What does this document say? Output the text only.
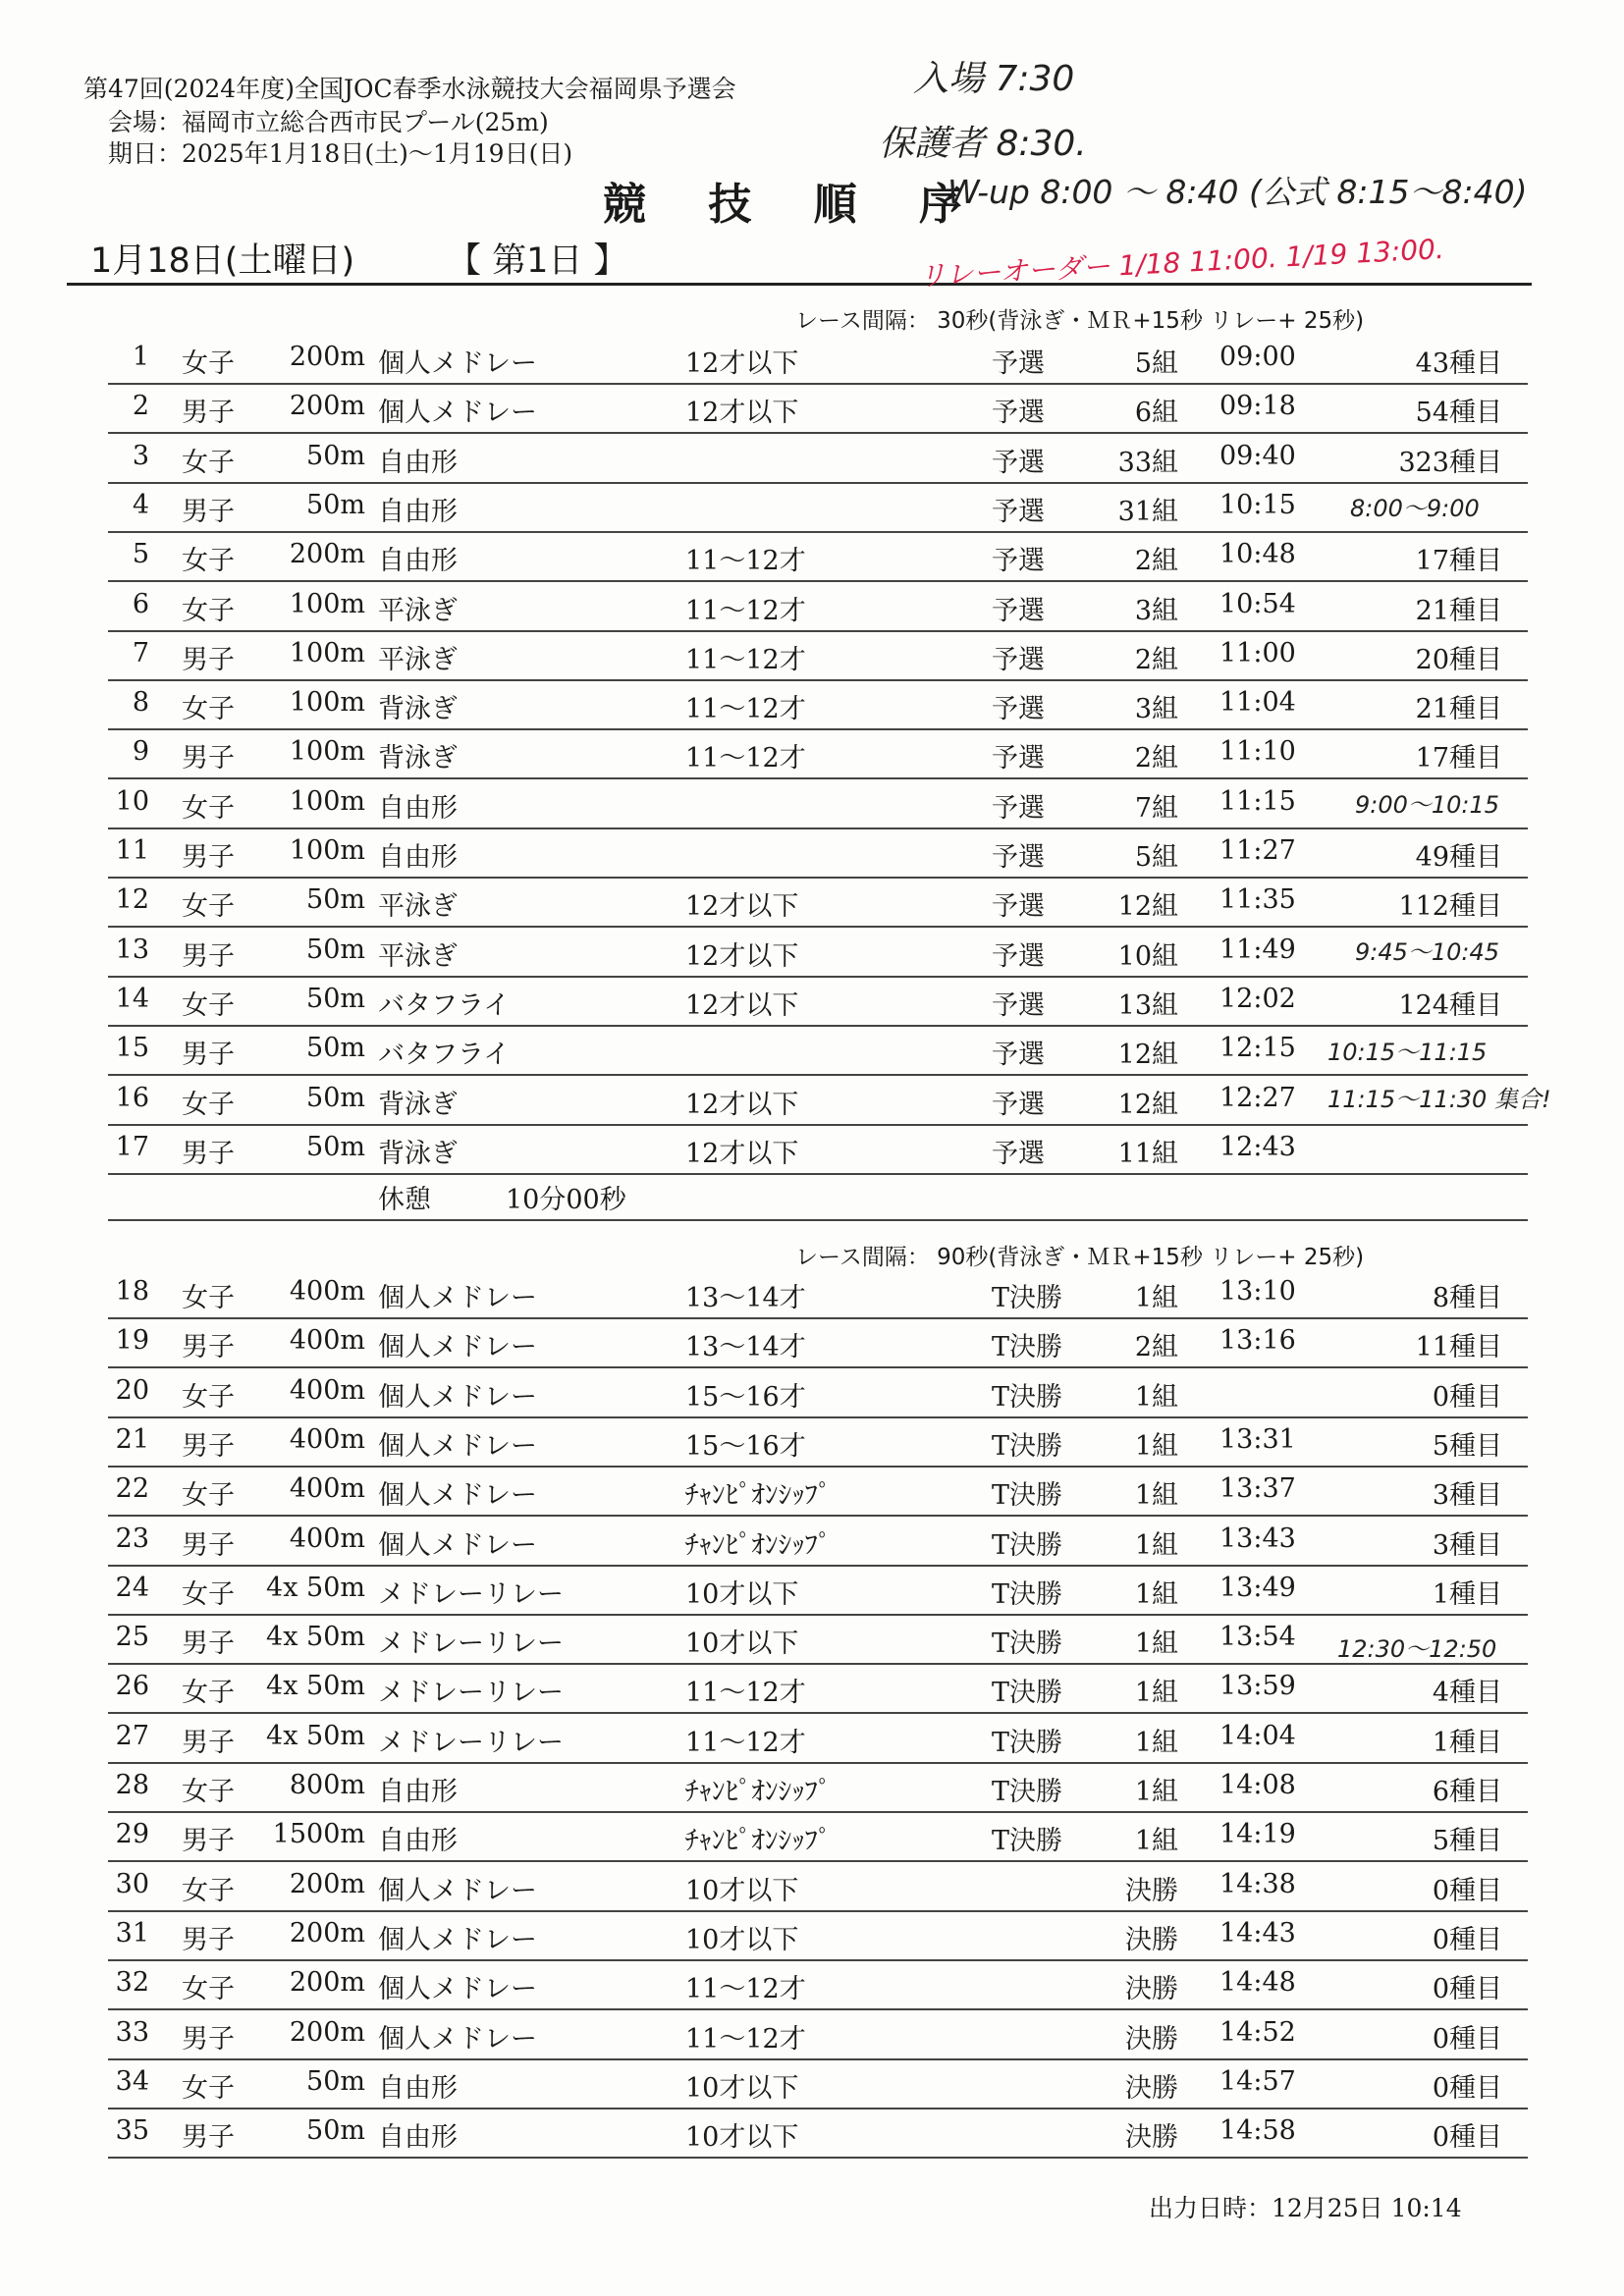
第47回(2024年度)全国JOC春季水泳競技大会福岡県予選会
会場：福岡市立総合西市民プール(25m)
期日：2025年1月18日(土)～1月19日(日)
競 技 順 序
1月18日(土曜日)	【 第1日 】
レース間隔： 30秒(背泳ぎ・ＭＲ+15秒 リレー+ 25秒)
1 女子	200m 個人メドレー	12才以下	予選	5組 09:00	43種目
2 男子	200m 個人メドレー	12才以下	予選	6組 09:18	54種目
3 女子	50m 自由形	予選	33組 09:40	323種目
4 男子	50m 自由形	予選	31組 10:15
5 女子	200m 自由形	11～12才	予選	2組 10:48	17種目
6 女子	100m 平泳ぎ	11～12才	予選	3組 10:54	21種目
7 男子	100m 平泳ぎ	11～12才	予選	2組 11:00	20種目
8 女子	100m 背泳ぎ	11～12才	予選	3組 11:04	21種目
9 男子	100m 背泳ぎ	11～12才	予選	2組 11:10	17種目
10 女子	100m 自由形	予選	7組 11:15
11 男子	100m 自由形	予選	5組 11:27	49種目
12 女子	50m 平泳ぎ	12才以下	予選	12組 11:35	112種目
13 男子	50m 平泳ぎ	12才以下	予選	10組 11:49
14 女子	50m バタフライ	12才以下	予選	13組 12:02	124種目
15 男子	50m バタフライ	予選	12組 12:15
16 女子	50m 背泳ぎ	12才以下	予選	12組 12:27
17 男子	50m 背泳ぎ	12才以下	予選	11組 12:43
休憩	10分00秒
レース間隔： 90秒(背泳ぎ・ＭＲ+15秒 リレー+ 25秒)
18 女子	400m 個人メドレー	13～14才	T決勝	1組 13:10	8種目
19 男子	400m 個人メドレー	13～14才	T決勝	2組 13:16	11種目
20 女子	400m 個人メドレー	15～16才	T決勝	1組	0種目
21 男子	400m 個人メドレー	15～16才	T決勝	1組 13:31	5種目
22 女子	400m 個人メドレー	ﾁｬﾝﾋﾟｵﾝｼｯﾌﾟ	T決勝	1組 13:37	3種目
23 男子	400m 個人メドレー	ﾁｬﾝﾋﾟｵﾝｼｯﾌﾟ	T決勝	1組 13:43	3種目
24 女子	4x 50m メドレーリレー	10才以下	T決勝	1組 13:49	1種目
25 男子	4x 50m メドレーリレー	10才以下	T決勝	1組 13:54
26 女子	4x 50m メドレーリレー	11～12才	T決勝	1組 13:59	4種目
27 男子	4x 50m メドレーリレー	11～12才	T決勝	1組 14:04	1種目
28 女子	800m 自由形	ﾁｬﾝﾋﾟｵﾝｼｯﾌﾟ	T決勝	1組 14:08	6種目
29 男子	1500m 自由形	ﾁｬﾝﾋﾟｵﾝｼｯﾌﾟ	T決勝	1組 14:19	5種目
30 女子	200m 個人メドレー	10才以下	決勝 14:38	0種目
31 男子	200m 個人メドレー	10才以下	決勝 14:43	0種目
32 女子	200m 個人メドレー	11～12才	決勝 14:48	0種目
33 男子	200m 個人メドレー	11～12才	決勝 14:52	0種目
34 女子	50m 自由形	10才以下	決勝 14:57	0種目
35 男子	50m 自由形	10才以下	決勝 14:58	0種目
出力日時：12月25日 10:14
入場 7:30
保護者 8:30.
W-up 8:00 ～ 8:40 (公式 8:15～8:40)
リレーオーダー 1/18 11:00. 1/19 13:00.
8:00～9:00
9:00～10:15
9:45～10:45
10:15～11:15
11:15～11:30 集合!
12:30～12:50
